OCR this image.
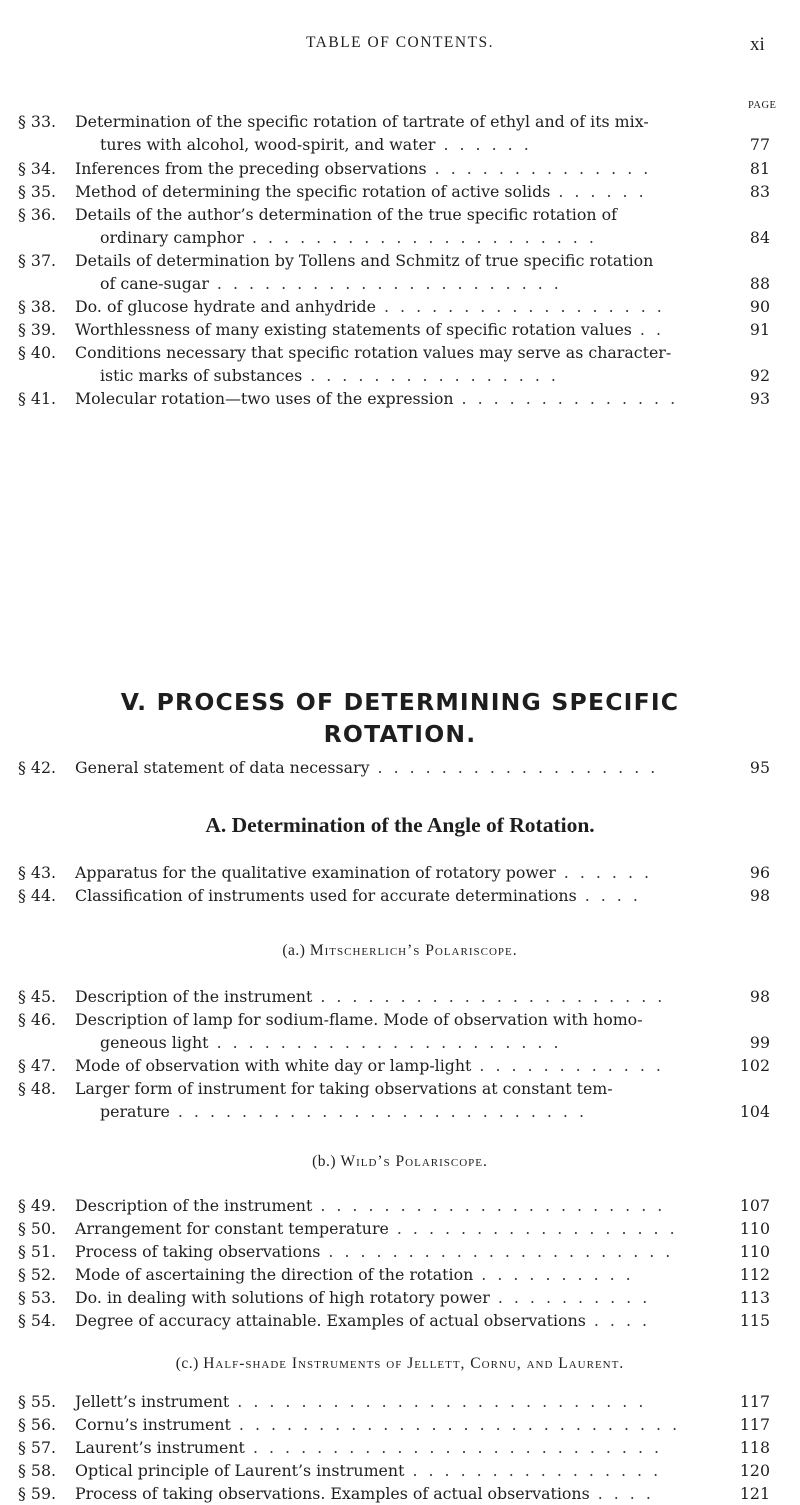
TABLE OF CONTENTS.	xi
PAGE
§ 33. Determination of the specific rotation of tartrate of ethyl and of its mix-
tures with alcohol, wood-spirit, and water . . . . . .	77
§ 34. Inferences from the preceding observations . . . . . . . . . . . . . .	81
§ 35. Method of determining the specific rotation of active solids . . . . . .	83
§ 36. Details of the author’s determination of the true specific rotation of
ordinary camphor . . . . . . . . . . . . . . . . . . . . . .	84
§ 37. Details of determination by Tollens and Schmitz of true specific rotation
of cane-sugar . . . . . . . . . . . . . . . . . . . . . .	88
§ 38. Do. of glucose hydrate and anhydride . . . . . . . . . . . . . . . . . .	90
§ 39. Worthlessness of many existing statements of specific rotation values . .	91
§ 40. Conditions necessary that specific rotation values may serve as character-
istic marks of substances . . . . . . . . . . . . . . . .	92
§ 41. Molecular rotation—two uses of the expression . . . . . . . . . . . . . .	93
V. PROCESS OF DETERMINING SPECIFIC
ROTATION.
§ 42. General statement of data necessary . . . . . . . . . . . . . . . . . .	95
A. Determination of the Angle of Rotation.
§ 43. Apparatus for the qualitative examination of rotatory power . . . . . .	96
§ 44. Classification of instruments used for accurate determinations . . . .	98
(a.) Mitscherlich’s Polariscope.
§ 45. Description of the instrument . . . . . . . . . . . . . . . . . . . . . .	98
§ 46. Description of lamp for sodium-flame. Mode of observation with homo-
geneous light . . . . . . . . . . . . . . . . . . . . . .	99
§ 47. Mode of observation with white day or lamp-light . . . . . . . . . . . .	102
§ 48. Larger form of instrument for taking observations at constant tem-
perature . . . . . . . . . . . . . . . . . . . . . . . . . .	104
(b.) Wild’s Polariscope.
§ 49. Description of the instrument . . . . . . . . . . . . . . . . . . . . . .	107
§ 50. Arrangement for constant temperature . . . . . . . . . . . . . . . . . .	110
§ 51. Process of taking observations . . . . . . . . . . . . . . . . . . . . . .	110
§ 52. Mode of ascertaining the direction of the rotation . . . . . . . . . .	112
§ 53. Do. in dealing with solutions of high rotatory power . . . . . . . . . .	113
§ 54. Degree of accuracy attainable. Examples of actual observations . . . .	115
(c.) Half-shade Instruments of Jellett, Cornu, and Laurent.
§ 55. Jellett’s instrument . . . . . . . . . . . . . . . . . . . . . . . . . .	117
§ 56. Cornu’s instrument . . . . . . . . . . . . . . . . . . . . . . . . . . . .	117
§ 57. Laurent’s instrument . . . . . . . . . . . . . . . . . . . . . . . . . .	118
§ 58. Optical principle of Laurent’s instrument . . . . . . . . . . . . . . . .	120
§ 59. Process of taking observations. Examples of actual observations . . . .	121
